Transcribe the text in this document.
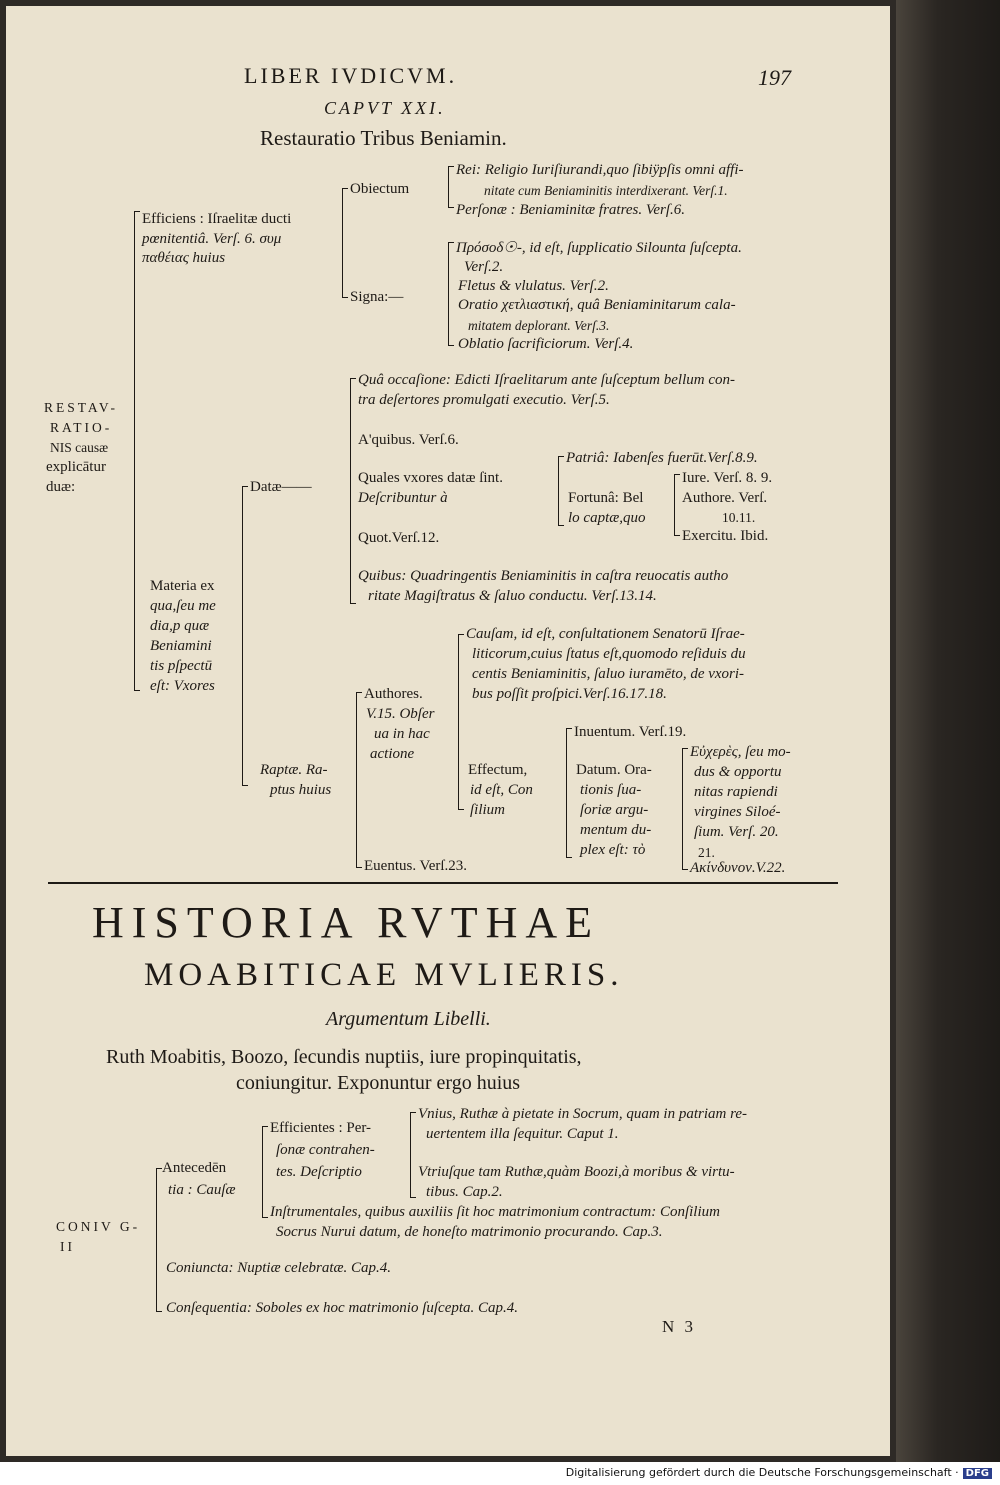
LIBER IVDICVM.	197
CAPVT XXI.
Restauratio Tribus Beniamin.
RESTAV-
RATIO-
NIS causæ
explicātur
duæ:
Efficiens : Iſraelitæ ducti
pœnitentiâ. Verſ. 6. συμ
παθέιας huius
Obiectum
Rei: Religio Iuriſiurandi,quo ſibiÿpſis omni affi-
nitate cum Beniaminitis interdixerant. Verſ.1.
Perſonæ : Beniaminitæ fratres. Verſ.6.
Signa:—
Πρόσοδ☉-, id eſt, ſupplicatio Silounta ſuſcepta.
Verſ.2.
Fletus & vlulatus. Verſ.2.
Oratio χετλιαστική, quâ Beniaminitarum cala-
mitatem deplorant. Verſ.3.
Oblatio ſacrificiorum. Verſ.4.
Materia ex
qua,ſeu me
dia,p quæ
Beniamini
tis pſpectū
eſt: Vxores
Datæ——
Quâ occaſione: Edicti Iſraelitarum ante ſuſceptum bellum con-
tra deſertores promulgati executio. Verſ.5.
A'quibus. Verſ.6.
Quales vxores datæ ſint.
Deſcribuntur à
Patriâ: Iabenſes fuerūt.Verſ.8.9.
Fortunâ: Bel
lo captæ,quo
Iure. Verſ. 8. 9.
Authore. Verſ.
10.11.
Exercitu. Ibid.
Quot.Verſ.12.
Quibus: Quadringentis Beniaminitis in caſtra reuocatis autho
ritate Magiſtratus & ſaluo conductu. Verſ.13.14.
Raptæ. Ra-
ptus huius
Authores.
V.15. Obſer
ua in hac
actione
Cauſam, id eſt, conſultationem Senatorū Iſrae-
liticorum,cuius ſtatus eſt,quomodo reſiduis du
centis Beniaminitis, ſaluo iuramēto, de vxori-
bus poſſit proſpici.Verſ.16.17.18.
Effectum,
id eſt, Con
ſilium
Inuentum. Verſ.19.
Datum. Ora-
tionis ſua-
ſoriæ argu-
mentum du-
plex eſt: τὸ
Εὐχερὲς, ſeu mo-
dus & opportu
nitas rapiendi
virgines Siloé-
ſium. Verſ. 20.
21.
Ακίνδυνον.V.22.
Euentus. Verſ.23.
HISTORIA RVTHAE
MOABITICAE MVLIERIS.
Argumentum Libelli.
Ruth Moabitis, Boozo, ſecundis nuptiis, iure propinquitatis,
coniungitur. Exponuntur ergo huius
CONIV G-
II
Antecedēn
tia : Cauſæ
Efficientes : Per-
ſonæ contrahen-
tes. Deſcriptio
Vnius, Ruthæ à pietate in Socrum, quam in patriam re-
uertentem illa ſequitur. Caput 1.
Vtriuſque tam Ruthæ,quàm Boozi,à moribus & virtu-
tibus. Cap.2.
Inſtrumentales, quibus auxiliis ſit hoc matrimonium contractum: Conſilium
Socrus Nurui datum, de honeſto matrimonio procurando. Cap.3.
Coniuncta: Nuptiæ celebratæ. Cap.4.
Conſequentia: Soboles ex hoc matrimonio ſuſcepta. Cap.4.
N 3
Digitalisierung gefördert durch die Deutsche Forschungsgemeinschaft · DFG
